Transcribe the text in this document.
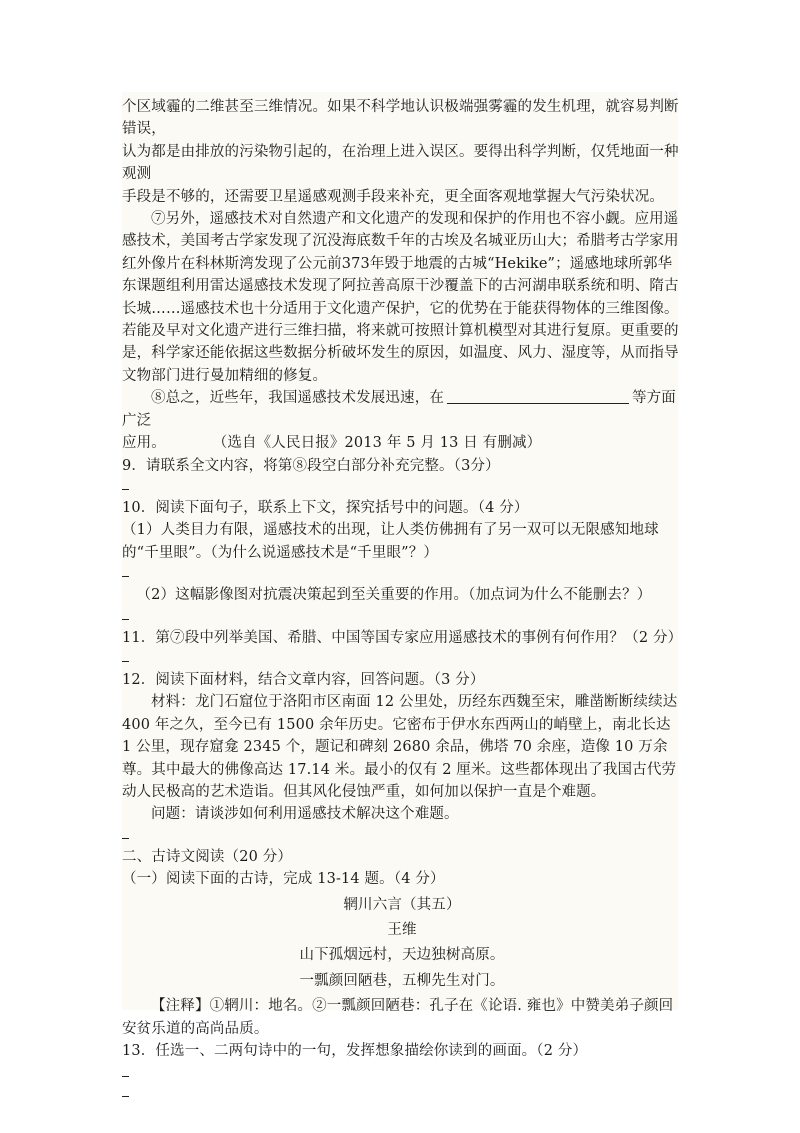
个区域霾的二维甚至三维情况。如果不科学地认识极端强雾霾的发生机理，就容易判断错误，

认为都是由排放的污染物引起的，在治理上进入误区。要得出科学判断，仅凭地面一种观测

手段是不够的，还需要卫星遥感观测手段来补充，更全面客观地掌握大气污染状况。

⑦另外，遥感技术对自然遗产和文化遗产的发现和保护的作用也不容小觑。应用遥感技术，美国考古学家发现了沉没海底数千年的古埃及名城亚历山大；希腊考古学家用红外像片在科林斯湾发现了公元前373年毁于地震的古城“Hekike”；遥感地球所郭华东课题组利用雷达遥感技术发现了阿拉善高原干沙覆盖下的古河湖串联系统和明、隋古长城……遥感技术也十分适用于文化遗产保护，它的优势在于能获得物体的三维图像。若能及早对文化遗产进行三维扫描，将来就可按照计算机模型对其进行复原。更重要的是，科学家还能依据这些数据分析破坏发生的原因，如温度、风力、湿度等，从而指导文物部门进行曼加精细的修复。

⑧总之，近些年，我国遥感技术发展迅速，在	等方面广泛

应用。	（选自《人民日报》2013 年 5 月 13 日 有删减）

9．请联系全文内容，将第⑧段空白部分补充完整。（3分）

10．阅读下面句子，联系上下文，探究括号中的问题。（4 分）

（1）人类目力有限，遥感技术的出现，让人类仿佛拥有了另一双可以无限感知地球的“千里眼”。（为什么说遥感技术是“千里眼”？）

（2）这幅影像图对抗震决策起到至关重要的作用。（加点词为什么不能删去？）

11．第⑦段中列举美国、希腊、中国等国专家应用遥感技术的事例有何作用？（2 分）

12．阅读下面材料，结合文章内容，回答问题。（3 分）

材料：龙门石窟位于洛阳市区南面 12 公里处，历经东西魏至宋，雕凿断断续续达 400 年之久，至今已有 1500 余年历史。它密布于伊水东西两山的峭壁上，南北长达 1 公里，现存窟龛 2345 个，题记和碑刻 2680 余品，佛塔 70 余座，造像 10 万余尊。其中最大的佛像高达 17.14 米。最小的仅有 2 厘米。这些都体现出了我国古代劳动人民极高的艺术造诣。但其风化侵蚀严重，如何加以保护一直是个难题。

问题：请谈涉如何利用遥感技术解决这个难题。

二、古诗文阅读（20 分）

（一）阅读下面的古诗，完成 13-14 题。（4 分）

辋川六言（其五）

王维

山下孤烟远村，天边独树高原。

一瓢颜回陋巷，五柳先生对门。

【注释】①辋川：地名。②一瓢颜回陋巷：孔子在《论语. 雍也》中赞美弟子颜回安贫乐道的高尚品质。

13．任选一、二两句诗中的一句，发挥想象描绘你读到的画面。（2 分）
